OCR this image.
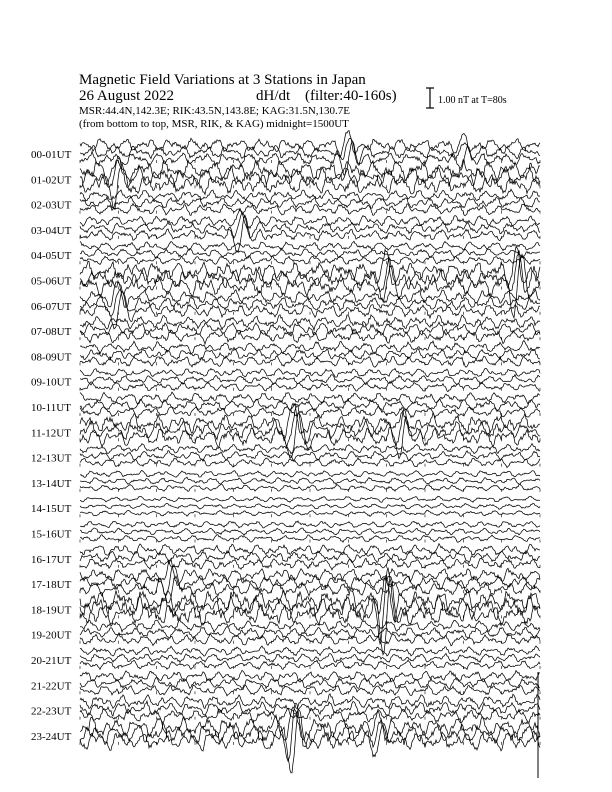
Magnetic Field Variations at 3 Stations in Japan
26 August 2022	dH/dt (filter:40-160s)
MSR:44.4N,142.3E; RIK:43.5N,143.8E; KAG:31.5N,130.7E
(from bottom to top, MSR, RIK, & KAG) midnight=1500UT
1.00 nT at T=80s
00-01UT
01-02UT
02-03UT
03-04UT
04-05UT
05-06UT
06-07UT
07-08UT
08-09UT
09-10UT
10-11UT
11-12UT
12-13UT
13-14UT
14-15UT
15-16UT
16-17UT
17-18UT
18-19UT
19-20UT
20-21UT
21-22UT
22-23UT
23-24UT
